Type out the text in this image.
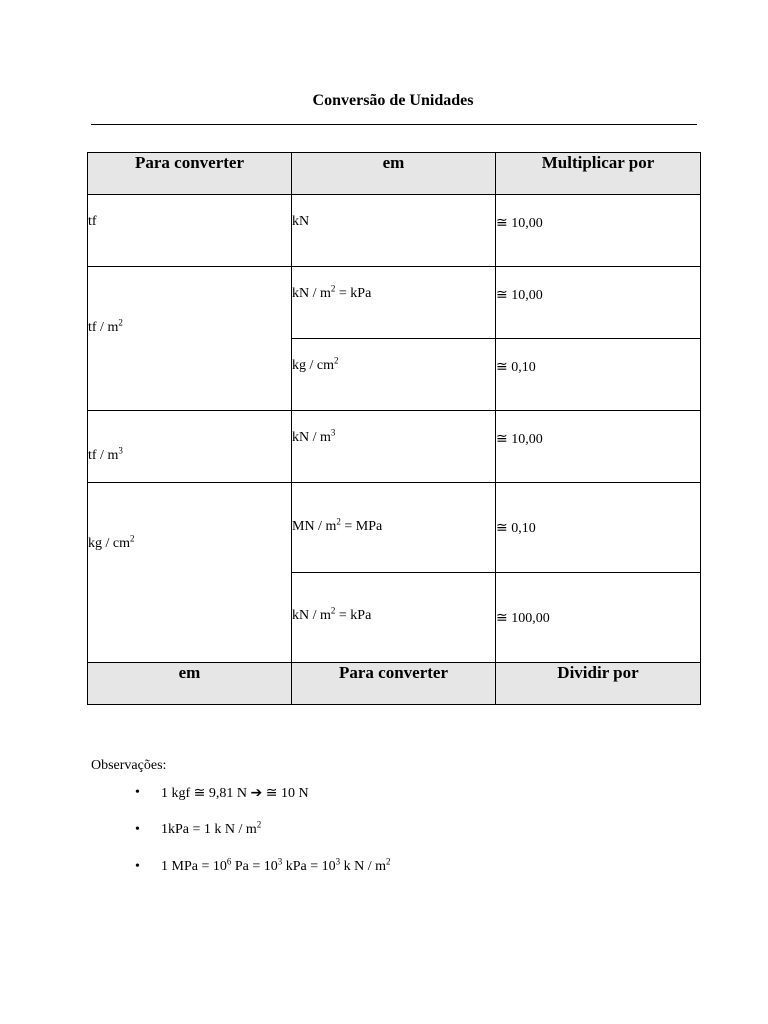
Conversão de Unidades
Para converter	em	Multiplicar por

tf	kN	≅ 10,00
tf / $m^2$	kN / $m^2$ = kPa	≅ 10,00
	kg / $cm^2$	≅ 0,10
tf / $m^3$	kN / $m^3$	≅ 10,00
kg / $cm^2$	MN / $m^2$ = MPa	≅ 0,10
	kN / $m^2$ = kPa	≅ 100,00

em	Para converter	Dividir por
Observações:
• 1 kgf ≅ 9,81 N ➔ ≅ 10 N
• 1kPa = 1 k N / $m^2$
• 1 MPa = $10^6$ $Pa = 10^3$ kPa = $10^3$ k N / $m^2$
